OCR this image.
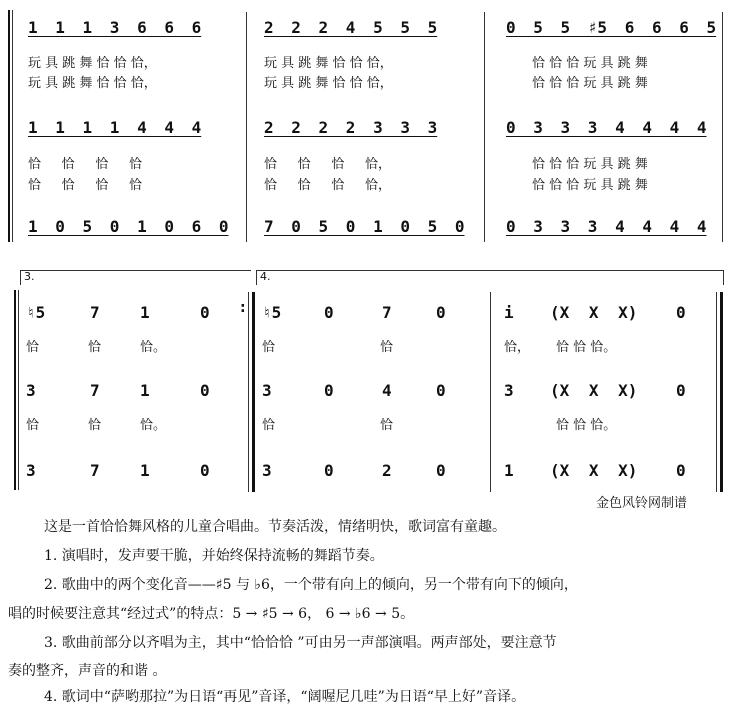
1 1 1 3 6 6 6	2 2 2 4 5 5 5	0 5 5 ♯5 6 6 6 5
玩 具 跳 舞 恰 恰 恰，	玩 具 跳 舞 恰 恰 恰，	恰 恰 恰 玩 具 跳 舞
玩 具 跳 舞 恰 恰 恰，	玩 具 跳 舞 恰 恰 恰，	恰 恰 恰 玩 具 跳 舞
1 1 1 1 4 4 4	2 2 2 2 3 3 3	0 3 3 3 4 4 4 4
恰     恰     恰     恰	恰     恰     恰     恰，	恰 恰 恰 玩 具 跳 舞
恰     恰     恰     恰	恰     恰     恰     恰，	恰 恰 恰 玩 具 跳 舞
1 0 5 0 1 0 6 0 7 0 5 0 1 0 5 0	0 3 3 3 4 4 4 4
3.	4.
:
♮5	7	1	0	♮5	0	7	0	i (X X X) 0
恰	恰	恰。	恰	恰	恰， 恰 恰 恰。
3	7	1	0	3	0	4	0	3 (X X X) 0
恰	恰	恰。	恰	恰	恰 恰 恰。
3	7	1	0	3	0	2	0	1 (X X X) 0
金色风铃网制谱
这是一首恰恰舞风格的儿童合唱曲。节奏活泼，情绪明快，歌词富有童趣。
1. 演唱时，发声要干脆，并始终保持流畅的舞蹈节奏。
2. 歌曲中的两个变化音——♯5 与 ♭6，一个带有向上的倾向，另一个带有向下的倾向，
唱的时候要注意其“经过式”的特点：5 → ♯5 → 6， 6 → ♭6 → 5。
3. 歌曲前部分以齐唱为主，其中“恰恰恰 ”可由另一声部演唱。两声部处，要注意节
奏的整齐，声音的和谐 。
4. 歌词中“萨哟那拉”为日语“再见”音译，“阔喔尼几哇”为日语“早上好”音译。
